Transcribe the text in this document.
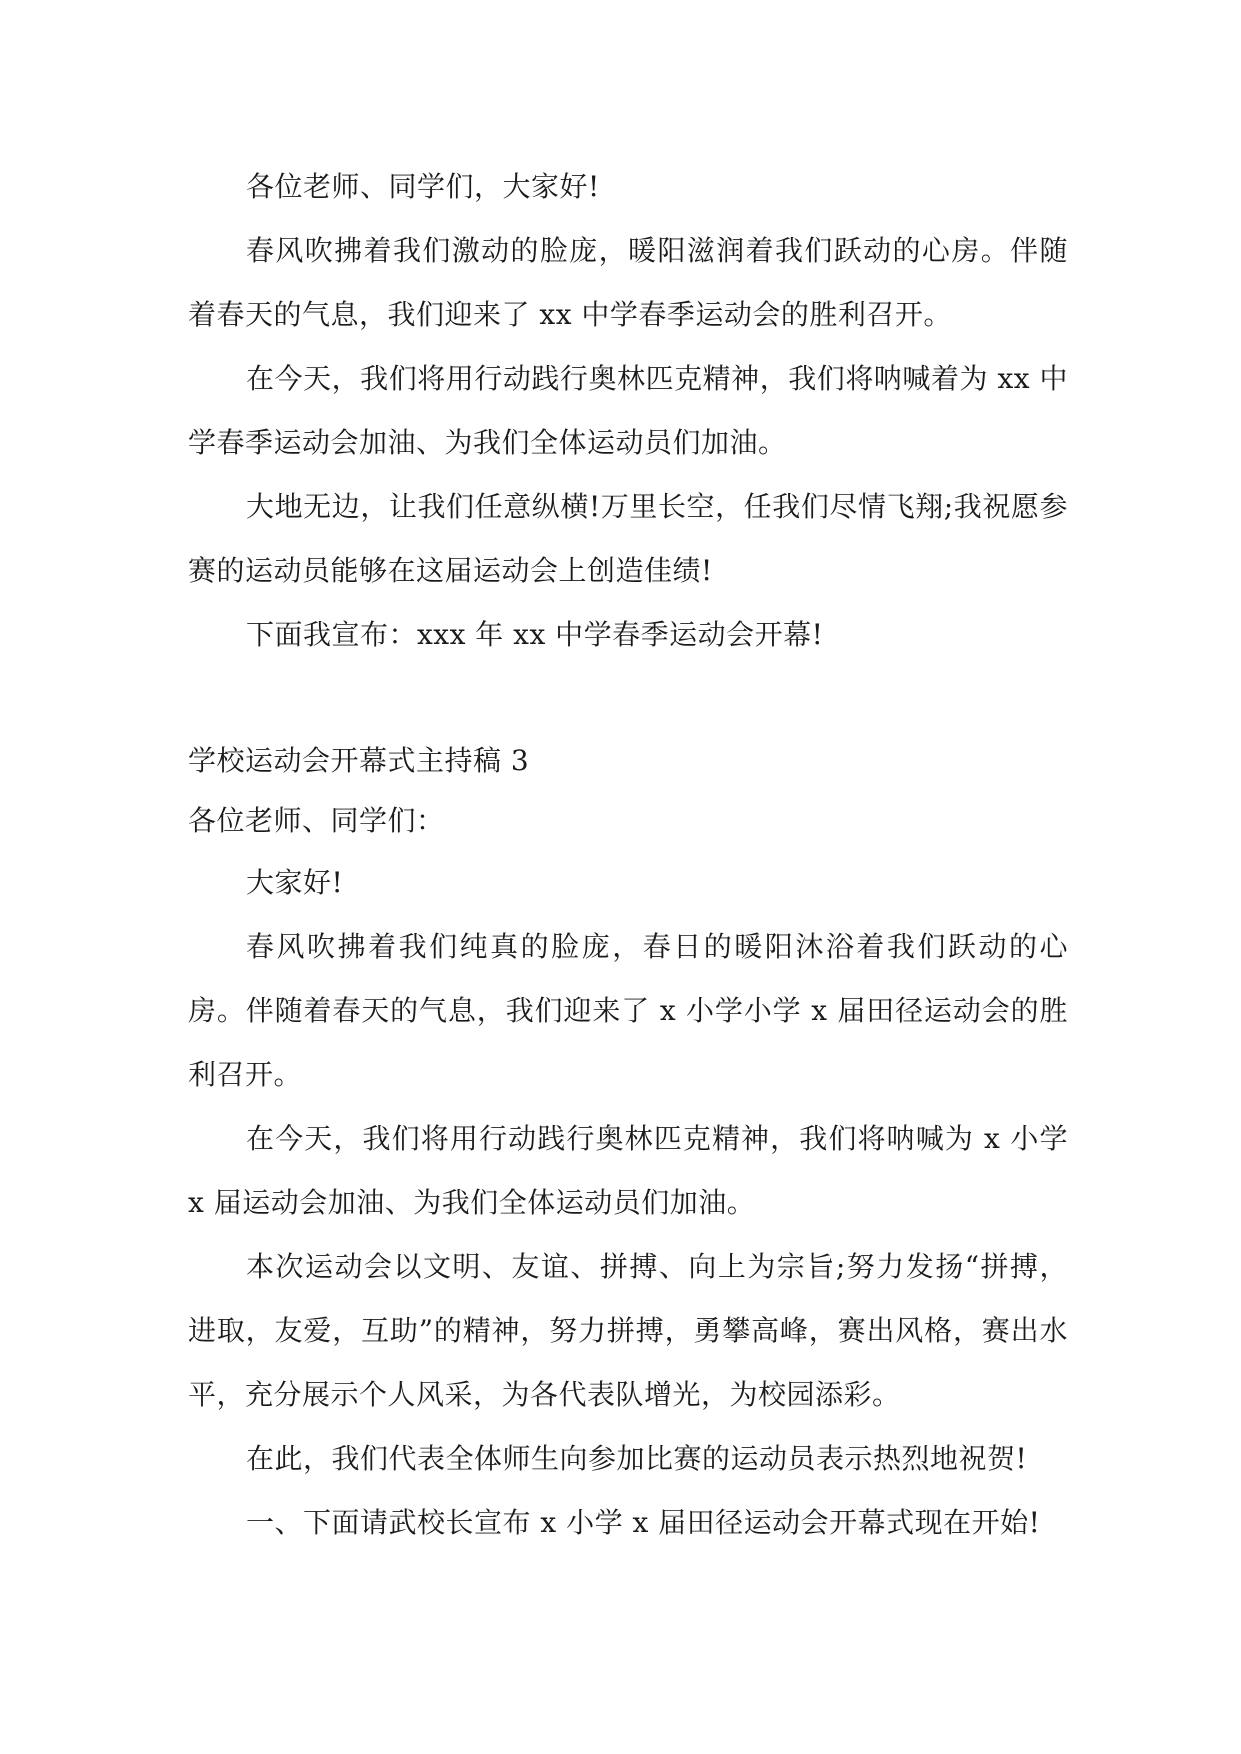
各位老师、同学们，大家好!

春风吹拂着我们激动的脸庞，暖阳滋润着我们跃动的心房。伴随着春天的气息，我们迎来了 xx 中学春季运动会的胜利召开。

在今天，我们将用行动践行奥林匹克精神，我们将呐喊着为 xx 中学春季运动会加油、为我们全体运动员们加油。

大地无边，让我们任意纵横!万里长空，任我们尽情飞翔;我祝愿参赛的运动员能够在这届运动会上创造佳绩!

下面我宣布：xxx 年 xx 中学春季运动会开幕!

学校运动会开幕式主持稿 3

各位老师、同学们：

大家好!

春风吹拂着我们纯真的脸庞，春日的暖阳沐浴着我们跃动的心房。伴随着春天的气息，我们迎来了 x 小学小学 x 届田径运动会的胜利召开。

在今天，我们将用行动践行奥林匹克精神，我们将呐喊为 x 小学 x 届运动会加油、为我们全体运动员们加油。

本次运动会以文明、友谊、拼搏、向上为宗旨;努力发扬“拼搏，进取，友爱，互助”的精神，努力拼搏，勇攀高峰，赛出风格，赛出水平，充分展示个人风采，为各代表队增光，为校园添彩。

在此，我们代表全体师生向参加比赛的运动员表示热烈地祝贺!

一、下面请武校长宣布 x 小学 x 届田径运动会开幕式现在开始!
